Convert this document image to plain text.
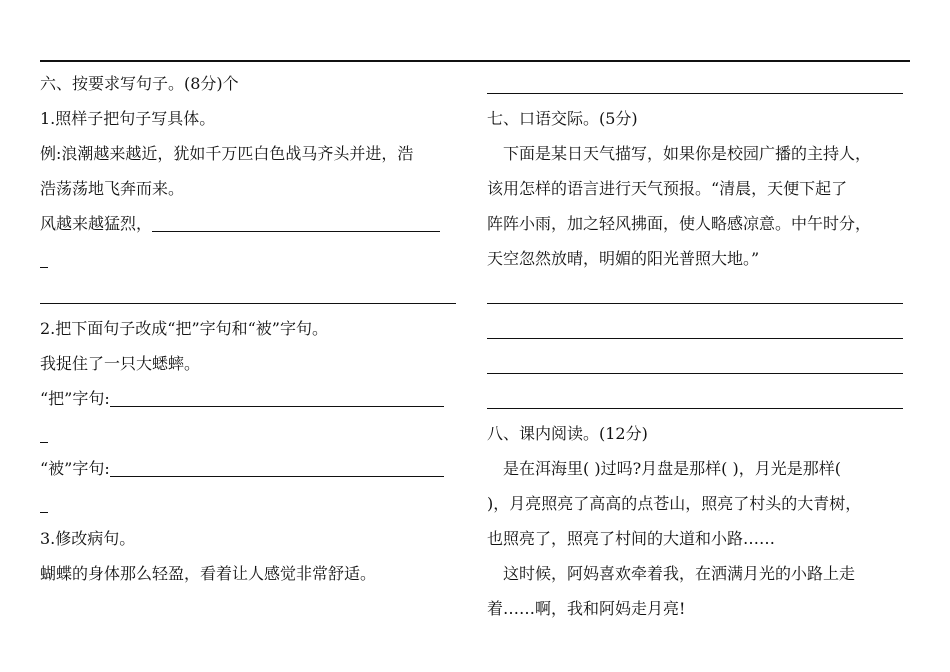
六、按要求写句子。(8分)个
1.照样子把句子写具体。
例:浪潮越来越近，犹如千万匹白色战马齐头并进，浩
浩荡荡地飞奔而来。
风越来越猛烈，
2.把下面句子改成“把”字句和“被”字句。
我捉住了一只大蟋蟀。
“把”字句:
“被”字句:
3.修改病句。
蝴蝶的身体那么轻盈，看着让人感觉非常舒适。
七、口语交际。(5分)
下面是某日天气描写，如果你是校园广播的主持人，
该用怎样的语言进行天气预报。“清晨，天便下起了
阵阵小雨，加之轻风拂面，使人略感凉意。中午时分，
天空忽然放晴，明媚的阳光普照大地。”
八、课内阅读。(12分)
是在洱海里( )过吗?月盘是那样( )，月光是那样(
)，月亮照亮了高高的点苍山，照亮了村头的大青树，
也照亮了，照亮了村间的大道和小路……
这时候，阿妈喜欢牵着我，在洒满月光的小路上走
着……啊，我和阿妈走月亮!
